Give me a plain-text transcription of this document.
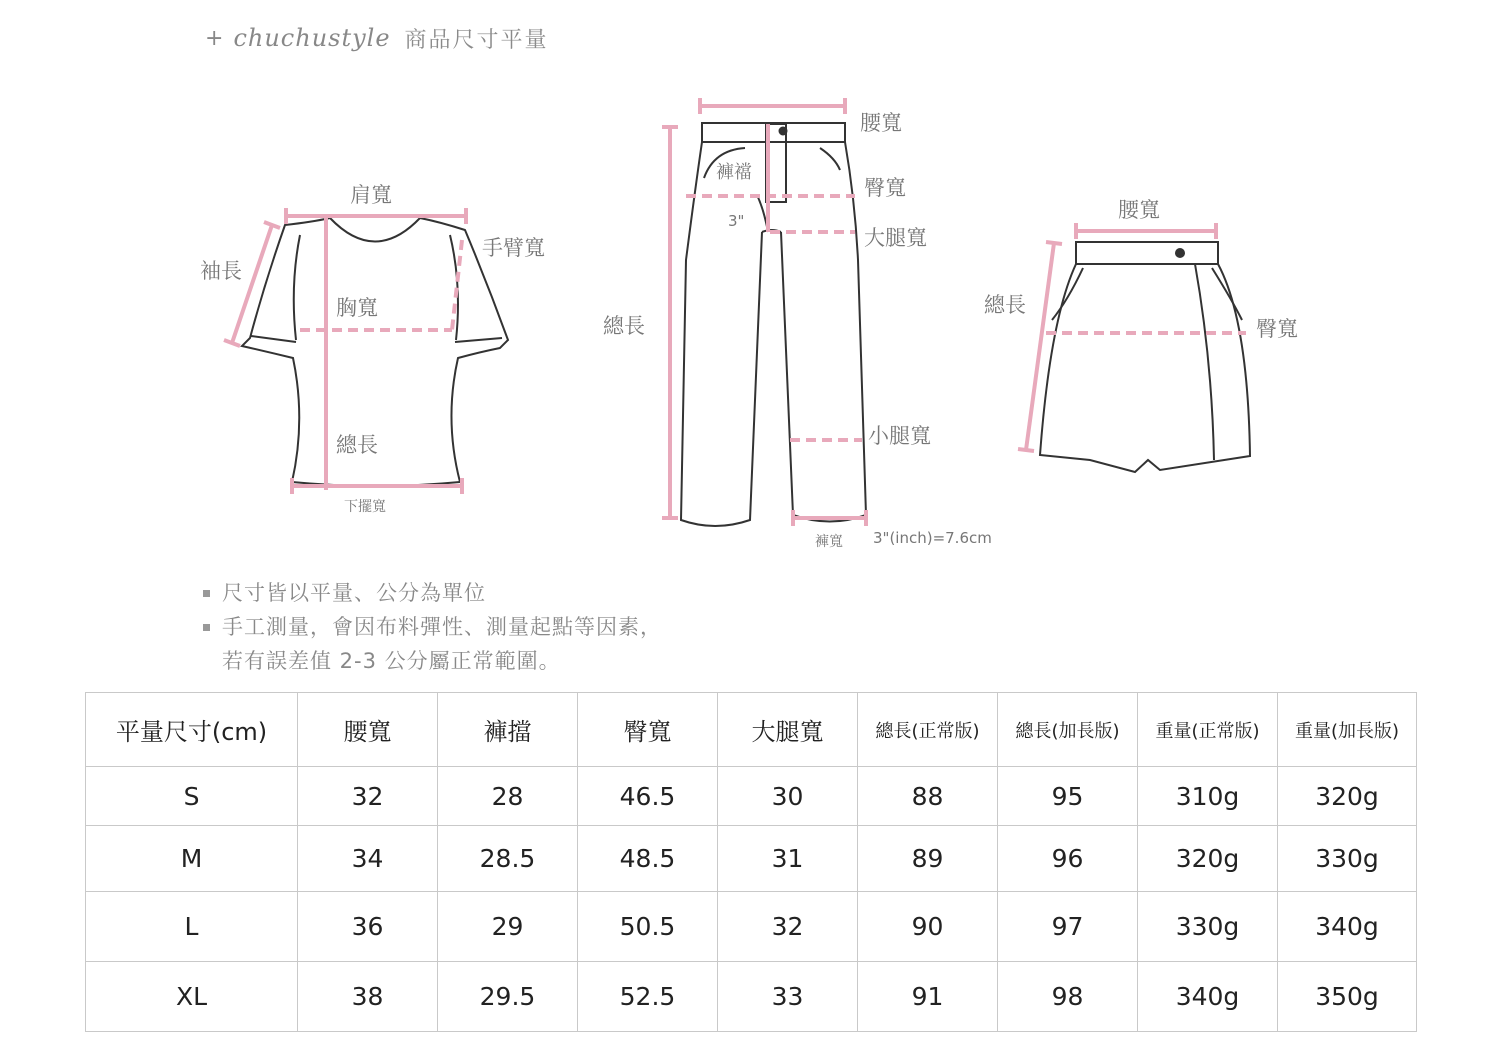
+ chuchustyle 商品尺寸平量
肩寬
袖長
手臂寬
胸寬
總長
下擺寬
腰寬
褲襠
3"
臀寬
大腿寬
總長
小腿寬
褲寬 3"(inch)=7.6cm
腰寬
總長
臀寬
尺寸皆以平量、公分為單位
手工測量，會因布料彈性、測量起點等因素，
若有誤差值 2-3 公分屬正常範圍。
平量尺寸(cm)	腰寬	褲擋	臀寬	大腿寬	總長(正常版)	總長(加長版)	重量(正常版)	重量(加長版)
S	32	28	46.5	30	88	95	310g	320g
M	34	28.5	48.5	31	89	96	320g	330g
L	36	29	50.5	32	90	97	330g	340g
XL	38	29.5	52.5	33	91	98	340g	350g
